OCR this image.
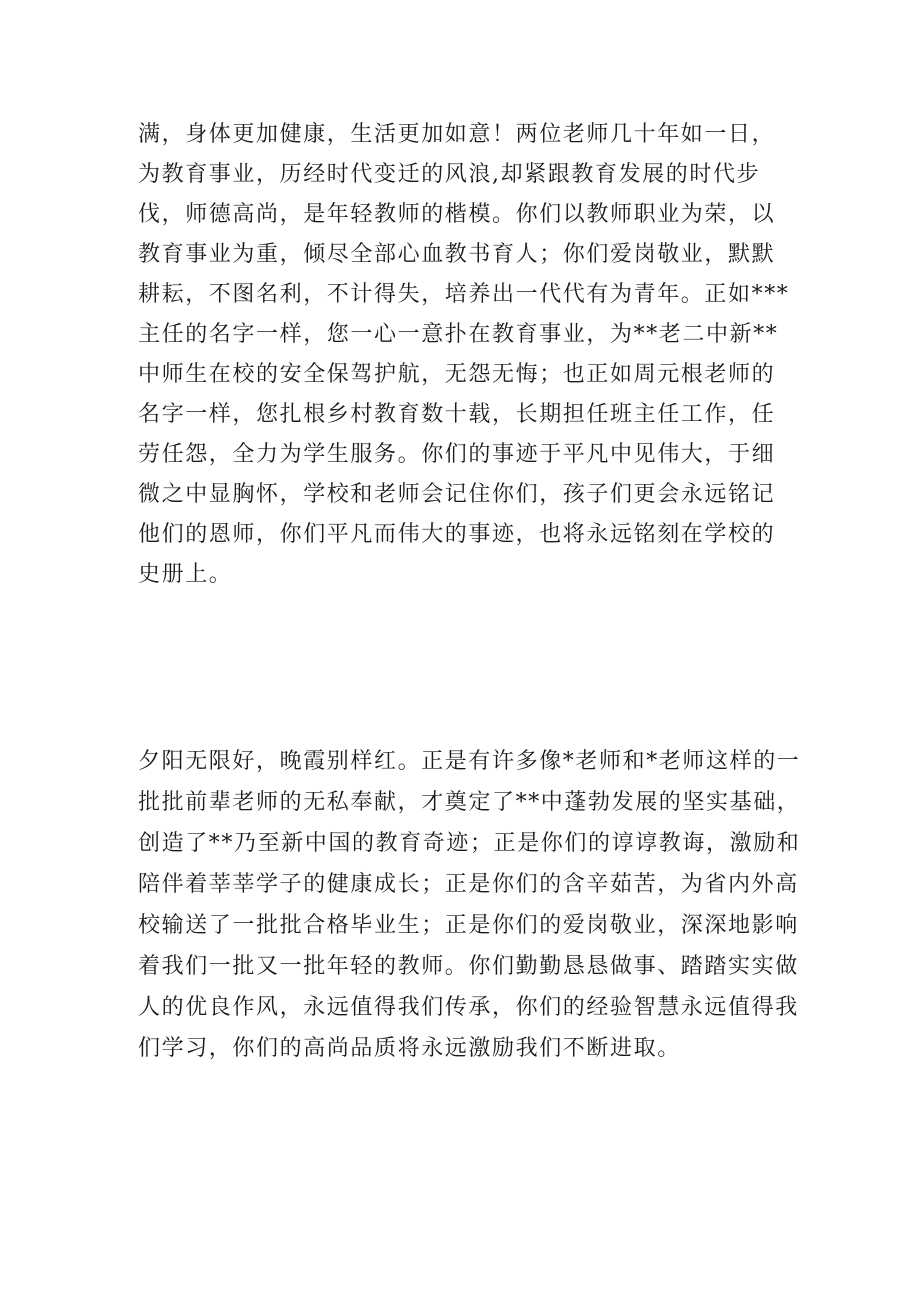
满，身体更加健康，生活更加如意！两位老师几十年如一日，
为教育事业，历经时代变迁的风浪,却紧跟教育发展的时代步
伐，师德高尚，是年轻教师的楷模。你们以教师职业为荣，以
教育事业为重，倾尽全部心血教书育人；你们爱岗敬业，默默
耕耘，不图名利，不计得失，培养出一代代有为青年。正如***
主任的名字一样，您一心一意扑在教育事业，为**老二中新**
中师生在校的安全保驾护航，无怨无悔；也正如周元根老师的
名字一样，您扎根乡村教育数十载，长期担任班主任工作，任
劳任怨，全力为学生服务。你们的事迹于平凡中见伟大，于细
微之中显胸怀，学校和老师会记住你们，孩子们更会永远铭记
他们的恩师，你们平凡而伟大的事迹，也将永远铭刻在学校的
史册上。
夕阳无限好，晚霞别样红。正是有许多像*老师和*老师这样的一
批批前辈老师的无私奉献，才奠定了**中蓬勃发展的坚实基础，
创造了**乃至新中国的教育奇迹；正是你们的谆谆教诲，激励和
陪伴着莘莘学子的健康成长；正是你们的含辛茹苦，为省内外高
校输送了一批批合格毕业生；正是你们的爱岗敬业，深深地影响
着我们一批又一批年轻的教师。你们勤勤恳恳做事、踏踏实实做
人的优良作风，永远值得我们传承，你们的经验智慧永远值得我
们学习，你们的高尚品质将永远激励我们不断进取。
